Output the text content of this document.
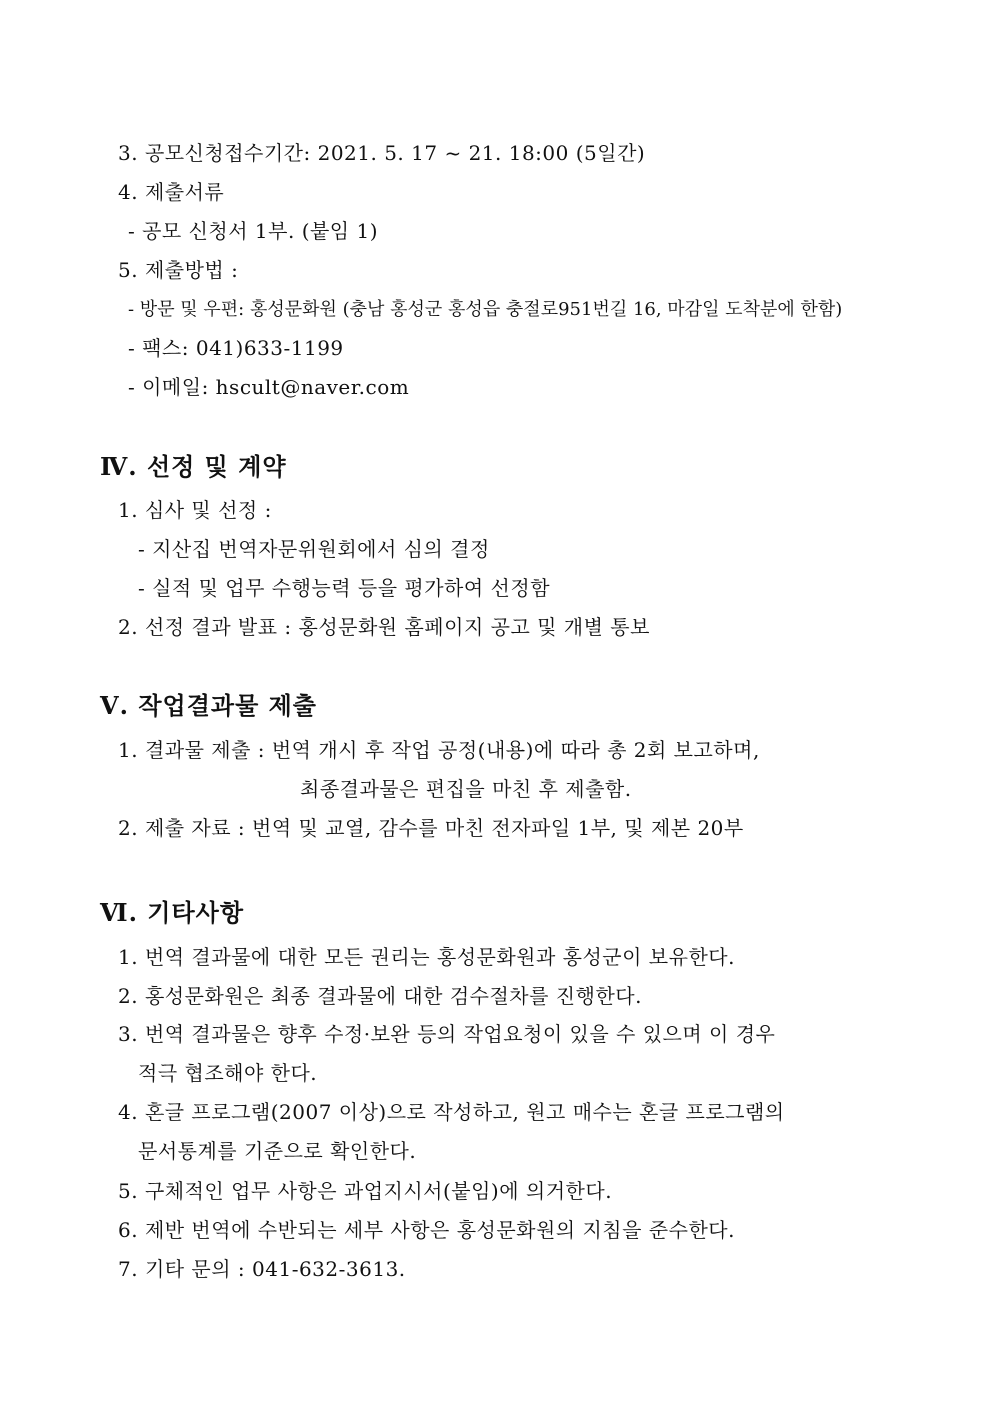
3. 공모신청접수기간: 2021. 5. 17 ~ 21. 18:00 (5일간)
4. 제출서류
- 공모 신청서 1부. (붙임 1)
5. 제출방법 :
- 방문 및 우편: 홍성문화원 (충남 홍성군 홍성읍 충절로951번길 16, 마감일 도착분에 한함)
- 팩스: 041)633-1199
- 이메일: hscult@naver.com
Ⅳ. 선정 및 계약
1. 심사 및 선정 :
- 지산집 번역자문위원회에서 심의 결정
- 실적 및 업무 수행능력 등을 평가하여 선정함
2. 선정 결과 발표 : 홍성문화원 홈페이지 공고 및 개별 통보
Ⅴ. 작업결과물 제출
1. 결과물 제출 : 번역 개시 후 작업 공정(내용)에 따라 총 2회 보고하며,
최종결과물은 편집을 마친 후 제출함.
2. 제출 자료 : 번역 및 교열, 감수를 마친 전자파일 1부, 및 제본 20부
Ⅵ. 기타사항
1. 번역 결과물에 대한 모든 권리는 홍성문화원과 홍성군이 보유한다.
2. 홍성문화원은 최종 결과물에 대한 검수절차를 진행한다.
3. 번역 결과물은 향후 수정·보완 등의 작업요청이 있을 수 있으며 이 경우
적극 협조해야 한다.
4. 혼글 프로그램(2007 이상)으로 작성하고, 원고 매수는 혼글 프로그램의
문서통계를 기준으로 확인한다.
5. 구체적인 업무 사항은 과업지시서(붙임)에 의거한다.
6. 제반 번역에 수반되는 세부 사항은 홍성문화원의 지침을 준수한다.
7. 기타 문의 : 041-632-3613.
